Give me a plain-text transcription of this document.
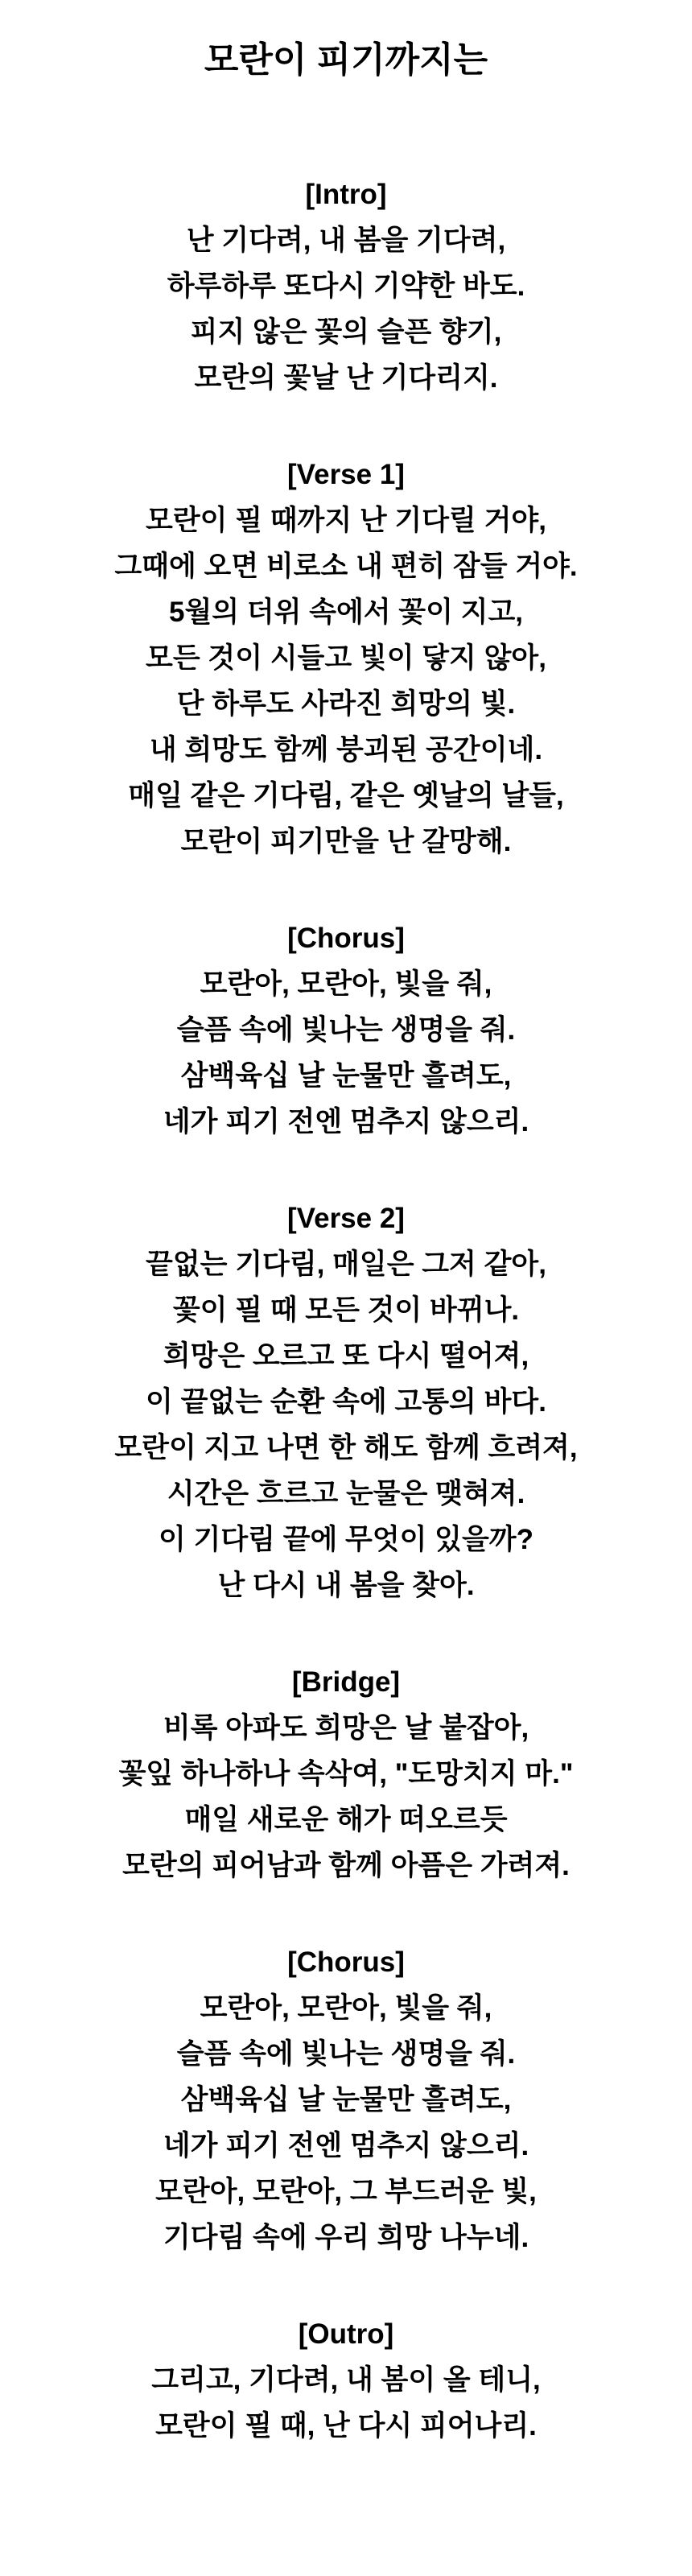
모란이 피기까지는

[Intro]

난 기다려, 내 봄을 기다려,

하루하루 또다시 기약한 바도.

피지 않은 꽃의 슬픈 향기,

모란의 꽃날 난 기다리지.

[Verse 1]

모란이 필 때까지 난 기다릴 거야,

그때에 오면 비로소 내 편히 잠들 거야.

5월의 더위 속에서 꽃이 지고,

모든 것이 시들고 빛이 닿지 않아,

단 하루도 사라진 희망의 빛.

내 희망도 함께 붕괴된 공간이네.

매일 같은 기다림, 같은 옛날의 날들,

모란이 피기만을 난 갈망해.

[Chorus]

모란아, 모란아, 빛을 줘,

슬픔 속에 빛나는 생명을 줘.

삼백육십 날 눈물만 흘려도,

네가 피기 전엔 멈추지 않으리.

[Verse 2]

끝없는 기다림, 매일은 그저 같아,

꽃이 필 때 모든 것이 바뀌나.

희망은 오르고 또 다시 떨어져,

이 끝없는 순환 속에 고통의 바다.

모란이 지고 나면 한 해도 함께 흐려져,

시간은 흐르고 눈물은 맺혀져.

이 기다림 끝에 무엇이 있을까?

난 다시 내 봄을 찾아.

[Bridge]

비록 아파도 희망은 날 붙잡아,

꽃잎 하나하나 속삭여, "도망치지 마."

매일 새로운 해가 떠오르듯

모란의 피어남과 함께 아픔은 가려져.

[Chorus]

모란아, 모란아, 빛을 줘,

슬픔 속에 빛나는 생명을 줘.

삼백육십 날 눈물만 흘려도,

네가 피기 전엔 멈추지 않으리.

모란아, 모란아, 그 부드러운 빛,

기다림 속에 우리 희망 나누네.

[Outro]

그리고, 기다려, 내 봄이 올 테니,

모란이 필 때, 난 다시 피어나리.
